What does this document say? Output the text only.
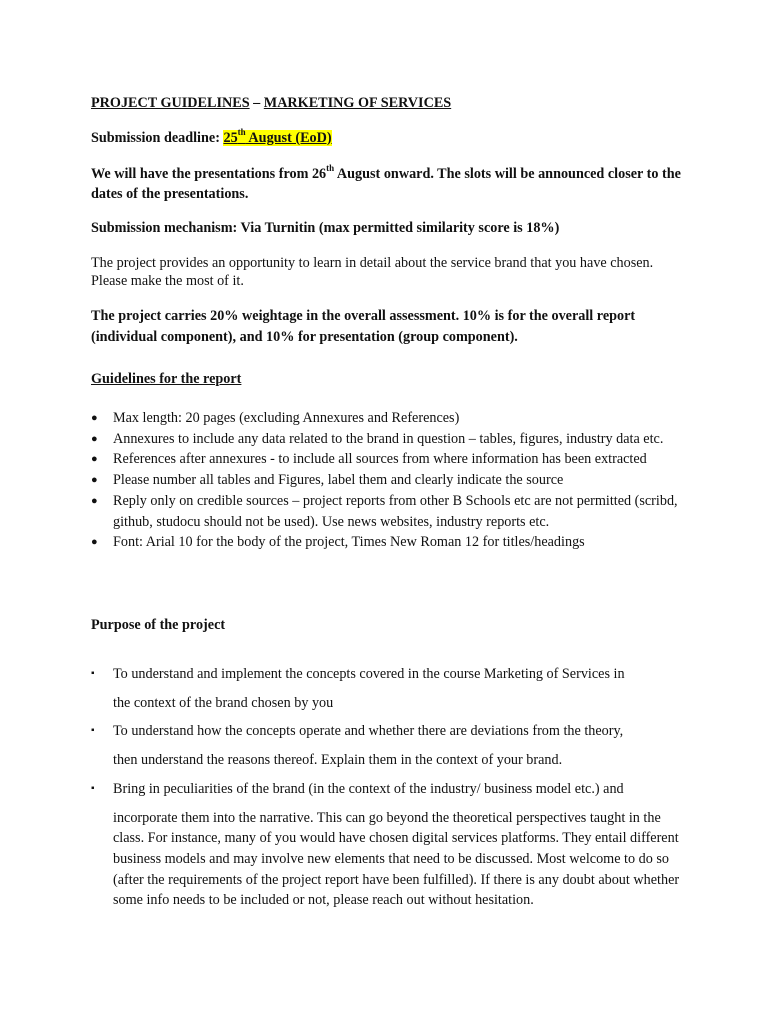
PROJECT GUIDELINES – MARKETING OF SERVICES
Submission deadline: 25th August (EoD)
We will have the presentations from 26th August onward. The slots will be announced closer to the dates of the presentations.
Submission mechanism: Via Turnitin (max permitted similarity score is 18%)
The project provides an opportunity to learn in detail about the service brand that you have chosen. Please make the most of it.
The project carries 20% weightage in the overall assessment. 10% is for the overall report (individual component), and 10% for presentation (group component).
Guidelines for the report
● Max length: 20 pages (excluding Annexures and References)
● Annexures to include any data related to the brand in question – tables, figures, industry data etc.
● References after annexures - to include all sources from where information has been extracted
● Please number all tables and Figures, label them and clearly indicate the source
● Reply only on credible sources – project reports from other B Schools etc are not permitted (scribd, github, studocu should not be used). Use news websites, industry reports etc.
● Font: Arial 10 for the body of the project, Times New Roman 12 for titles/headings
Purpose of the project
▪ To understand and implement the concepts covered in the course Marketing of Services in
the context of the brand chosen by you
▪ To understand how the concepts operate and whether there are deviations from the theory,
then understand the reasons thereof. Explain them in the context of your brand.
▪ Bring in peculiarities of the brand (in the context of the industry/ business model etc.) and
incorporate them into the narrative. This can go beyond the theoretical perspectives taught in the class. For instance, many of you would have chosen digital services platforms. They entail different business models and may involve new elements that need to be discussed. Most welcome to do so (after the requirements of the project report have been fulfilled). If there is any doubt about whether some info needs to be included or not, please reach out without hesitation.
